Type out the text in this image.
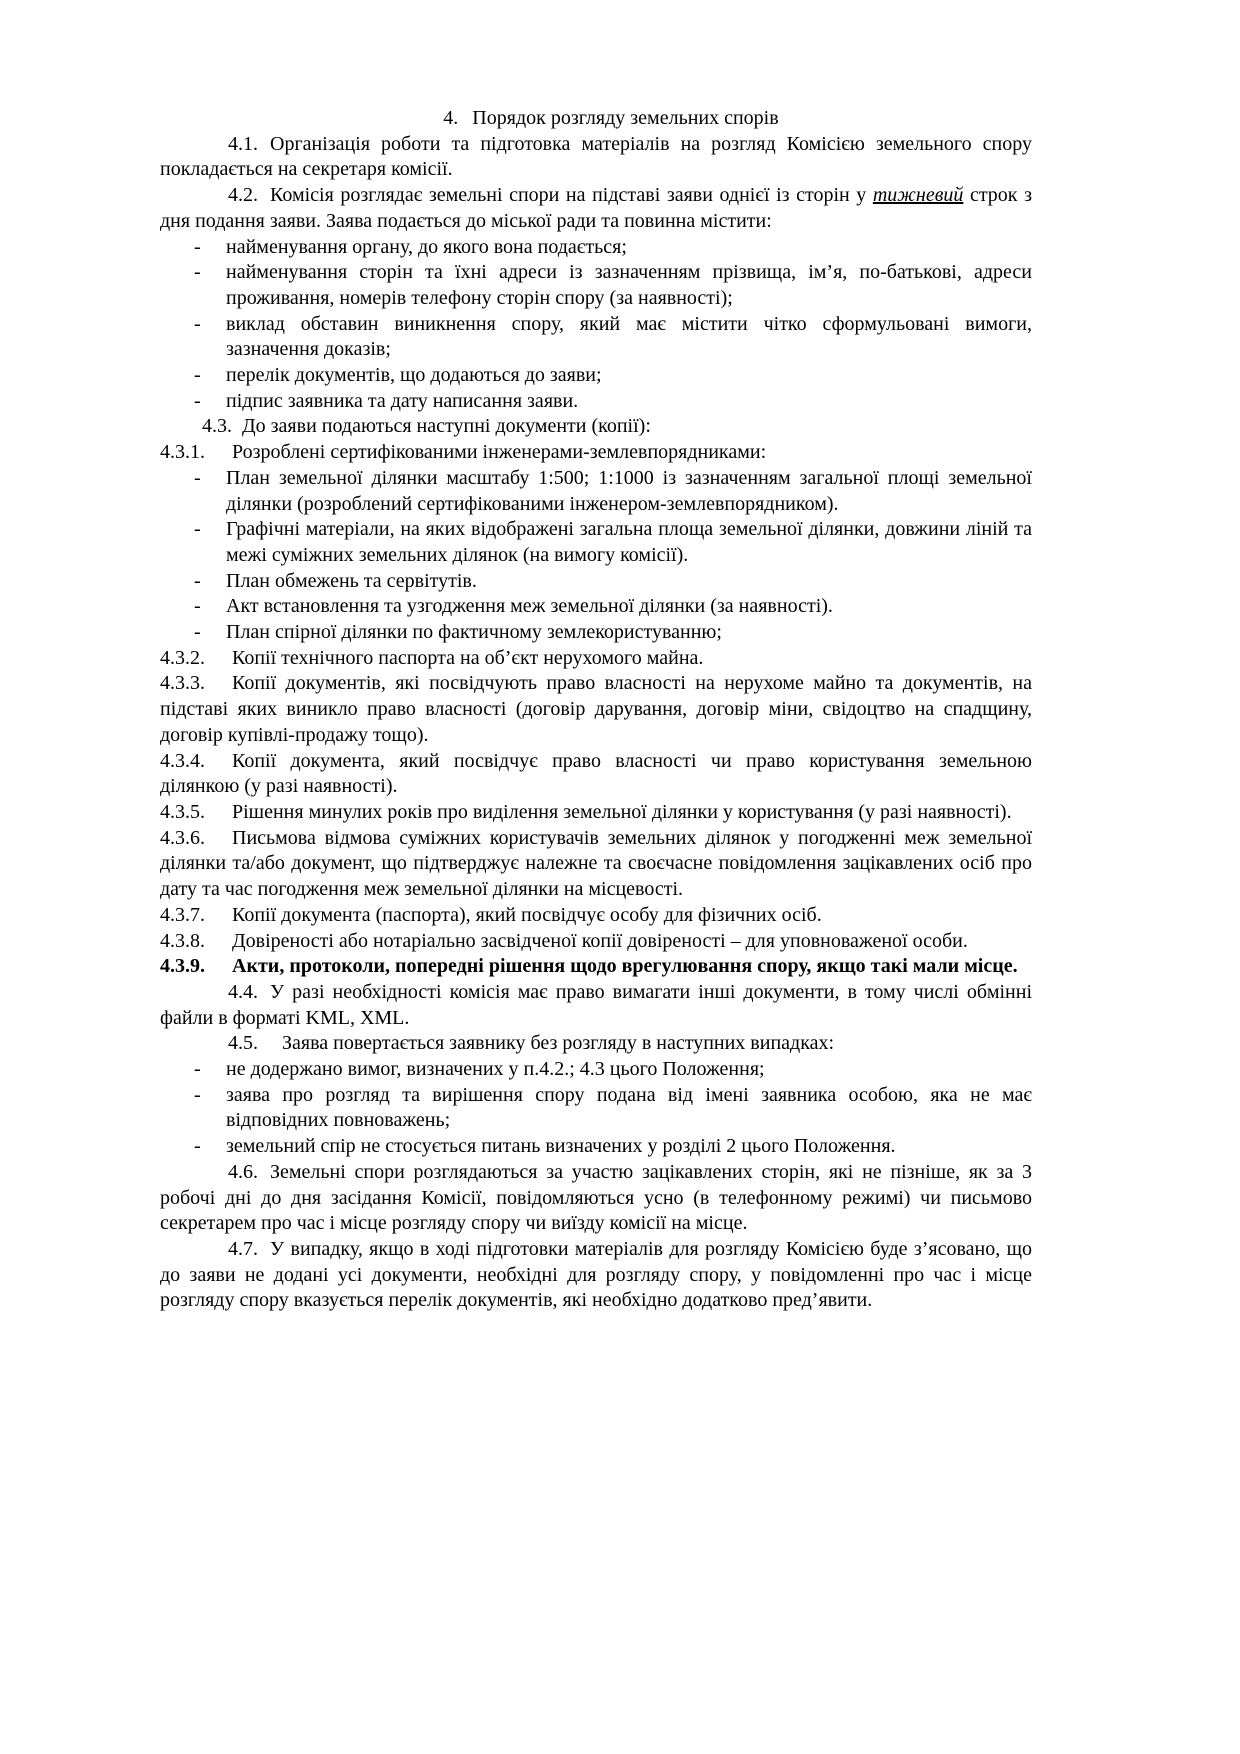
4. Порядок розгляду земельних спорів

4.1. Організація роботи та підготовка матеріалів на розгляд Комісією земельного спору покладається на секретаря комісії.

4.2. Комісія розглядає земельні спори на підставі заяви однієї із сторін у тижневий строк з дня подання заяви. Заява подається до міської ради та повинна містити:

- найменування органу, до якого вона подається;
- найменування сторін та їхні адреси із зазначенням прізвища, ім’я, по-батькові, адреси проживання, номерів телефону сторін спору (за наявності);
- виклад обставин виникнення спору, який має містити чітко сформульовані вимоги, зазначення доказів;
- перелік документів, що додаються до заяви;
- підпис заявника та дату написання заяви.

4.3. До заяви подаються наступні документи (копії):

4.3.1. Розроблені сертифікованими інженерами-землевпорядниками:

- План земельної ділянки масштабу 1:500; 1:1000 із зазначенням загальної площі земельної ділянки (розроблений сертифікованими інженером-землевпорядником).
- Графічні матеріали, на яких відображені загальна площа земельної ділянки, довжини ліній та межі суміжних земельних ділянок (на вимогу комісії).
- План обмежень та сервітутів.
- Акт встановлення та узгодження меж земельної ділянки (за наявності).
- План спірної ділянки по фактичному землекористуванню;

4.3.2. Копії технічного паспорта на об’єкт нерухомого майна.

4.3.3. Копії документів, які посвідчують право власності на нерухоме майно та документів, на підставі яких виникло право власності (договір дарування, договір міни, свідоцтво на спадщину, договір купівлі-продажу тощо).

4.3.4. Копії документа, який посвідчує право власності чи право користування земельною ділянкою (у разі наявності).

4.3.5. Рішення минулих років про виділення земельної ділянки у користування (у разі наявності).

4.3.6. Письмова відмова суміжних користувачів земельних ділянок у погодженні меж земельної ділянки та/або документ, що підтверджує належне та своєчасне повідомлення зацікавлених осіб про дату та час погодження меж земельної ділянки на місцевості.

4.3.7. Копії документа (паспорта), який посвідчує особу для фізичних осіб.

4.3.8. Довіреності або нотаріально засвідченої копії довіреності – для уповноваженої особи.

4.3.9. Акти, протоколи, попередні рішення щодо врегулювання спору, якщо такі мали місце.

4.4. У разі необхідності комісія має право вимагати інші документи, в тому числі обмінні файли в форматі KML, XML.

4.5. Заява повертається заявнику без розгляду в наступних випадках:

- не додержано вимог, визначених у п.4.2.; 4.3 цього Положення;
- заява про розгляд та вирішення спору подана від імені заявника особою, яка не має відповідних повноважень;
- земельний спір не стосується питань визначених у розділі 2 цього Положення.

4.6. Земельні спори розглядаються за участю зацікавлених сторін, які не пізніше, як за 3 робочі дні до дня засідання Комісії, повідомляються усно (в телефонному режимі) чи письмово секретарем про час і місце розгляду спору чи виїзду комісії на місце.

4.7. У випадку, якщо в ході підготовки матеріалів для розгляду Комісією буде з’ясовано, що до заяви не додані усі документи, необхідні для розгляду спору, у повідомленні про час і місце розгляду спору вказується перелік документів, які необхідно додатково пред’явити.
